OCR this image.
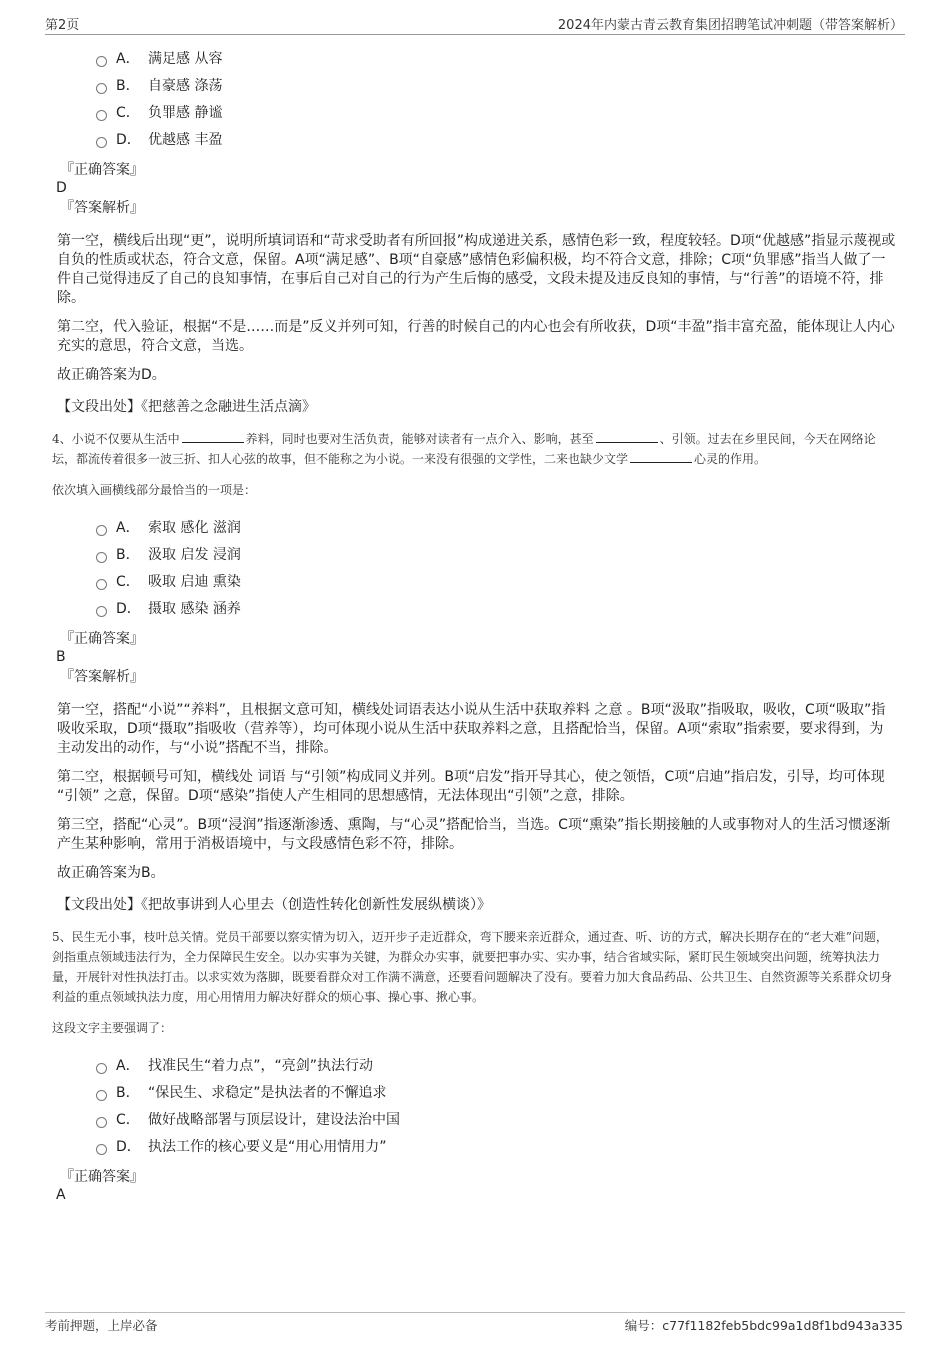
第2页	2024年内蒙古青云教育集团招聘笔试冲刺题（带答案解析）
A． 满足感 从容
B． 自豪感 涤荡
C． 负罪感 静谧
D． 优越感 丰盈
『正确答案』
D
『答案解析』
第一空，横线后出现“更”，说明所填词语和“苛求受助者有所回报”构成递进关系，感情色彩一致，程度较轻。D项“优越感”指显示蔑视或自负的性质或状态，符合文意，保留。A项“满足感”、B项“自豪感”感情色彩偏积极，均不符合文意，排除；C项“负罪感”指当人做了一件自己觉得违反了自己的良知事情，在事后自己对自己的行为产生后悔的感受，文段未提及违反良知的事情，与“行善”的语境不符，排除。
第二空，代入验证，根据“不是……而是”反义并列可知，行善的时候自己的内心也会有所收获，D项“丰盈”指丰富充盈，能体现让人内心充实的意思，符合文意，当选。
故正确答案为D。
【文段出处】《把慈善之念融进生活点滴》
4、小说不仅要从生活中	养料，同时也要对生活负责，能够对读者有一点介入、影响，甚至	、引领。过去在乡里民间，今天在网络论坛，都流传着很多一波三折、扣人心弦的故事，但不能称之为小说。一来没有很强的文学性，二来也缺少文学	心灵的作用。
依次填入画横线部分最恰当的一项是：
A． 索取 感化 滋润
B． 汲取 启发 浸润
C． 吸取 启迪 熏染
D． 摄取 感染 涵养
『正确答案』
B
『答案解析』
第一空，搭配“小说”“养料”，且根据文意可知，横线处词语表达小说从生活中获取养料 之意 。B项“汲取”指吸取，吸收，C项“吸取”指吸收采取，D项“摄取”指吸收（营养等），均可体现小说从生活中获取养料之意，且搭配恰当，保留。A项“索取”指索要，要求得到，为主动发出的动作，与“小说”搭配不当，排除。
第二空，根据顿号可知，横线处 词语 与“引领”构成同义并列。B项“启发”指开导其心，使之领悟，C项“启迪”指启发，引导，均可体现 “引领” 之意，保留。D项“感染”指使人产生相同的思想感情，无法体现出“引领”之意，排除。
第三空，搭配“心灵”。B项“浸润”指逐渐渗透、熏陶，与“心灵”搭配恰当，当选。C项“熏染”指长期接触的人或事物对人的生活习惯逐渐产生某种影响，常用于消极语境中，与文段感情色彩不符，排除。
故正确答案为B。
【文段出处】《把故事讲到人心里去（创造性转化创新性发展纵横谈）》
5、民生无小事，枝叶总关情。党员干部要以察实情为切入，迈开步子走近群众，弯下腰来亲近群众，通过查、听、访的方式，解决长期存在的“老大难”问题，剑指重点领域违法行为，全力保障民生安全。以办实事为关键，为群众办实事，就要把事办实、实办事，结合省域实际，紧盯民生领域突出问题，统筹执法力量，开展针对性执法打击。以求实效为落脚，既要看群众对工作满不满意，还要看问题解决了没有。要着力加大食品药品、公共卫生、自然资源等关系群众切身利益的重点领域执法力度，用心用情用力解决好群众的烦心事、操心事、揪心事。
这段文字主要强调了：
A． 找准民生“着力点”，“亮剑”执法行动
B． “保民生、求稳定”是执法者的不懈追求
C． 做好战略部署与顶层设计，建设法治中国
D． 执法工作的核心要义是“用心用情用力”
『正确答案』
A
考前押题，上岸必备	编号：c77f1182feb5bdc99a1d8f1bd943a335
